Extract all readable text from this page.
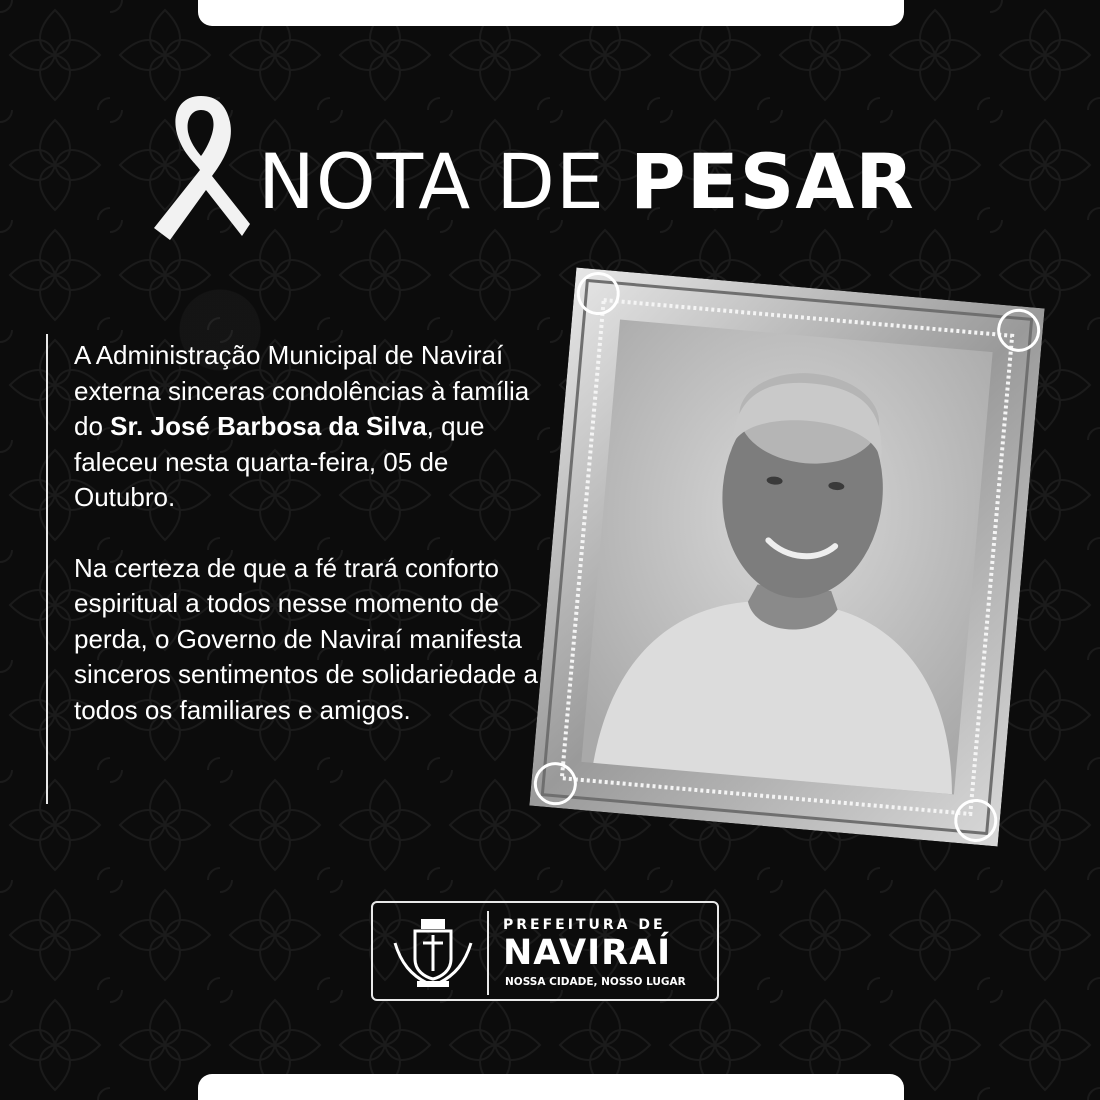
NOTA DE PESAR

A Administração Municipal de Naviraí externa sinceras condolências à família do Sr. José Barbosa da Silva, que faleceu nesta quarta-feira, 05 de Outubro.

Na certeza de que a fé trará conforto espiritual a todos nesse momento de perda, o Governo de Naviraí manifesta sinceros sentimentos de solidariedade a todos os familiares e amigos.

PREFEITURA DE
NAVIRAÍ
NOSSA CIDADE, NOSSO LUGAR
